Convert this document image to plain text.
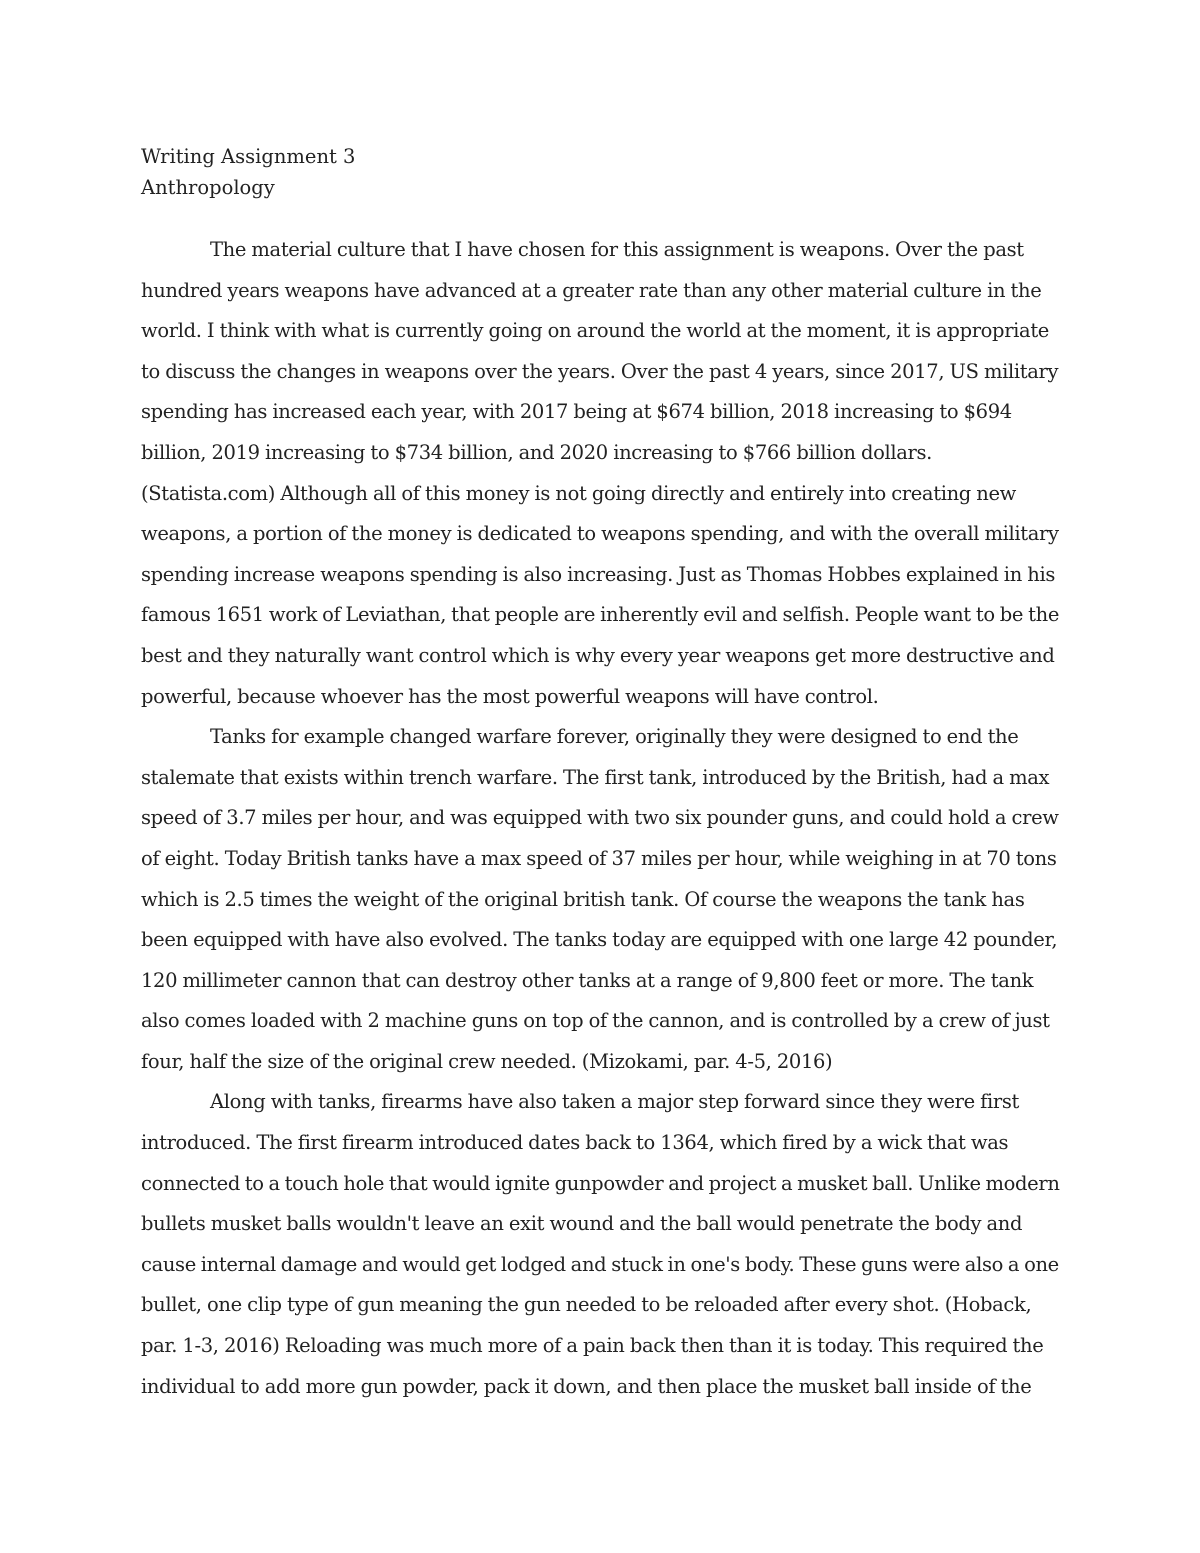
Writing Assignment 3
Anthropology
The material culture that I have chosen for this assignment is weapons. Over the past
hundred years weapons have advanced at a greater rate than any other material culture in the
world. I think with what is currently going on around the world at the moment, it is appropriate
to discuss the changes in weapons over the years. Over the past 4 years, since 2017, US military
spending has increased each year, with 2017 being at $674 billion, 2018 increasing to $694
billion, 2019 increasing to $734 billion, and 2020 increasing to $766 billion dollars.
(Statista.com) Although all of this money is not going directly and entirely into creating new
weapons, a portion of the money is dedicated to weapons spending, and with the overall military
spending increase weapons spending is also increasing. Just as Thomas Hobbes explained in his
famous 1651 work of Leviathan, that people are inherently evil and selfish. People want to be the
best and they naturally want control which is why every year weapons get more destructive and
powerful, because whoever has the most powerful weapons will have control.
Tanks for example changed warfare forever, originally they were designed to end the
stalemate that exists within trench warfare. The first tank, introduced by the British, had a max
speed of 3.7 miles per hour, and was equipped with two six pounder guns, and could hold a crew
of eight. Today British tanks have a max speed of 37 miles per hour, while weighing in at 70 tons
which is 2.5 times the weight of the original british tank. Of course the weapons the tank has
been equipped with have also evolved. The tanks today are equipped with one large 42 pounder,
120 millimeter cannon that can destroy other tanks at a range of 9,800 feet or more. The tank
also comes loaded with 2 machine guns on top of the cannon, and is controlled by a crew of just
four, half the size of the original crew needed. (Mizokami, par. 4-5, 2016)
Along with tanks, firearms have also taken a major step forward since they were first
introduced. The first firearm introduced dates back to 1364, which fired by a wick that was
connected to a touch hole that would ignite gunpowder and project a musket ball. Unlike modern
bullets musket balls wouldn't leave an exit wound and the ball would penetrate the body and
cause internal damage and would get lodged and stuck in one's body. These guns were also a one
bullet, one clip type of gun meaning the gun needed to be reloaded after every shot. (Hoback,
par. 1-3, 2016) Reloading was much more of a pain back then than it is today. This required the
individual to add more gun powder, pack it down, and then place the musket ball inside of the
